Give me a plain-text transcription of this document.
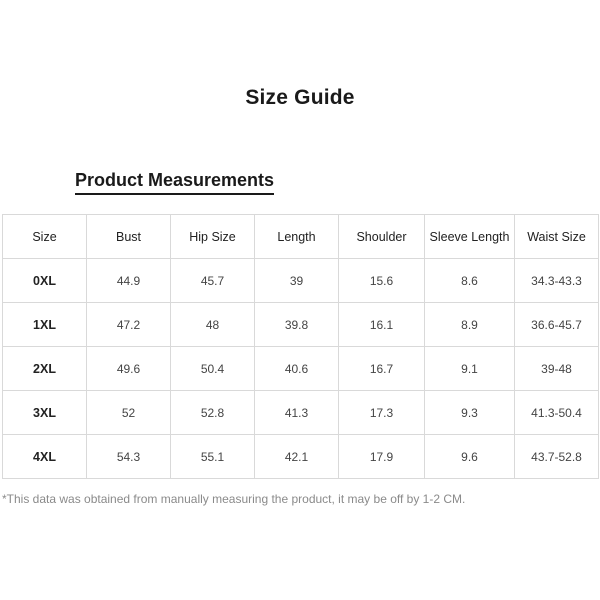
Size Guide
Product Measurements
Size	Bust	Hip Size	Length	Shoulder	Sleeve Length	Waist Size
0XL	44.9	45.7	39	15.6	8.6	34.3-43.3
1XL	47.2	48	39.8	16.1	8.9	36.6-45.7
2XL	49.6	50.4	40.6	16.7	9.1	39-48
3XL	52	52.8	41.3	17.3	9.3	41.3-50.4
4XL	54.3	55.1	42.1	17.9	9.6	43.7-52.8
*This data was obtained from manually measuring the product, it may be off by 1-2 CM.
